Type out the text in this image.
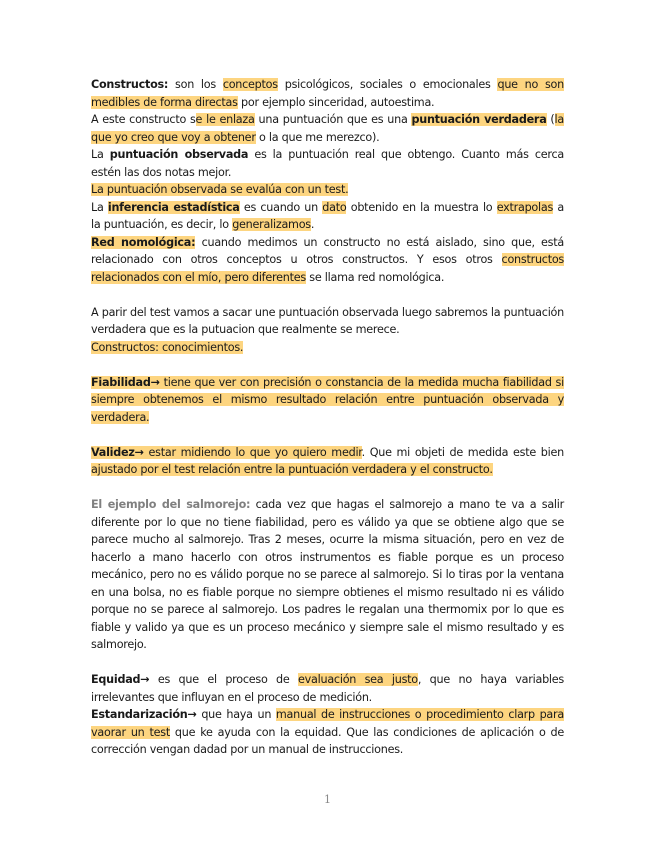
Constructos: son los conceptos psicológicos, sociales o emocionales que no son medibles de forma directas por ejemplo sinceridad, autoestima.

A este constructo se le enlaza una puntuación que es una puntuación verdadera (la que yo creo que voy a obtener o la que me merezco).

La puntuación observada es la puntuación real que obtengo. Cuanto más cerca estén las dos notas mejor.

La puntuación observada se evalúa con un test.

La inferencia estadística es cuando un dato obtenido en la muestra lo extrapolas a la puntuación, es decir, lo generalizamos.

Red nomológica: cuando medimos un constructo no está aislado, sino que, está relacionado con otros conceptos u otros constructos. Y esos otros constructos relacionados con el mío, pero diferentes se llama red nomológica.

A parir del test vamos a sacar une puntuación observada luego sabremos la puntuación verdadera que es la putuacion que realmente se merece.

Constructos: conocimientos.

Fiabilidad→ tiene que ver con precisión o constancia de la medida mucha fiabilidad si siempre obtenemos el mismo resultado relación entre puntuación observada y verdadera.

Validez→ estar midiendo lo que yo quiero medir. Que mi objeti de medida este bien ajustado por el test relación entre la puntuación verdadera y el constructo.

El ejemplo del salmorejo: cada vez que hagas el salmorejo a mano te va a salir diferente por lo que no tiene fiabilidad, pero es válido ya que se obtiene algo que se parece mucho al salmorejo. Tras 2 meses, ocurre la misma situación, pero en vez de hacerlo a mano hacerlo con otros instrumentos es fiable porque es un proceso mecánico, pero no es válido porque no se parece al salmorejo. Si lo tiras por la ventana en una bolsa, no es fiable porque no siempre obtienes el mismo resultado ni es válido porque no se parece al salmorejo. Los padres le regalan una thermomix por lo que es fiable y valido ya que es un proceso mecánico y siempre sale el mismo resultado y es salmorejo.

Equidad→ es que el proceso de evaluación sea justo, que no haya variables irrelevantes que influyan en el proceso de medición.

Estandarización→ que haya un manual de instrucciones o procedimiento clarp para vaorar un test que ke ayuda con la equidad. Que las condiciones de aplicación o de corrección vengan dadad por un manual de instrucciones.

1
